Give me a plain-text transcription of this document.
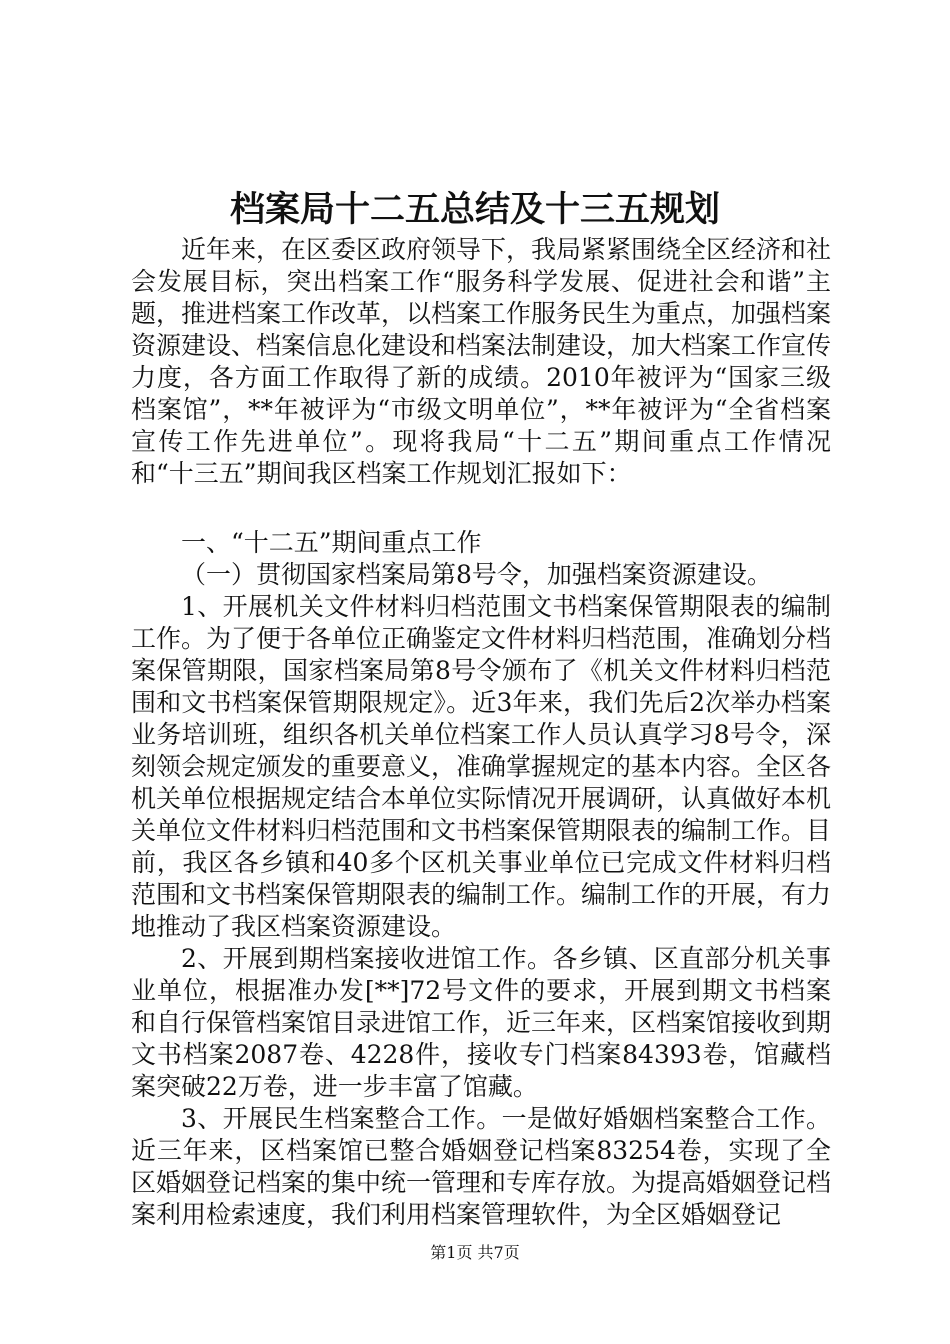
档案局十二五总结及十三五规划

近年来，在区委区政府领导下，我局紧紧围绕全区经济和社会发展目标，突出档案工作“服务科学发展、促进社会和谐”主题，推进档案工作改革，以档案工作服务民生为重点，加强档案资源建设、档案信息化建设和档案法制建设，加大档案工作宣传力度，各方面工作取得了新的成绩。2010年被评为“国家三级档案馆”，**年被评为“市级文明单位”，**年被评为“全省档案宣传工作先进单位”。现将我局“十二五”期间重点工作情况和“十三五”期间我区档案工作规划汇报如下：

一、“十二五”期间重点工作

（一）贯彻国家档案局第8号令，加强档案资源建设。

1、开展机关文件材料归档范围文书档案保管期限表的编制工作。为了便于各单位正确鉴定文件材料归档范围，准确划分档案保管期限，国家档案局第8号令颁布了《机关文件材料归档范围和文书档案保管期限规定》。近3年来，我们先后2次举办档案业务培训班，组织各机关单位档案工作人员认真学习8号令，深刻领会规定颁发的重要意义，准确掌握规定的基本内容。全区各机关单位根据规定结合本单位实际情况开展调研，认真做好本机关单位文件材料归档范围和文书档案保管期限表的编制工作。目前，我区各乡镇和40多个区机关事业单位已完成文件材料归档范围和文书档案保管期限表的编制工作。编制工作的开展，有力地推动了我区档案资源建设。

2、开展到期档案接收进馆工作。各乡镇、区直部分机关事业单位，根据准办发[**]72号文件的要求，开展到期文书档案和自行保管档案馆目录进馆工作，近三年来，区档案馆接收到期文书档案2087卷、4228件，接收专门档案84393卷，馆藏档案突破22万卷，进一步丰富了馆藏。

3、开展民生档案整合工作。一是做好婚姻档案整合工作。近三年来，区档案馆已整合婚姻登记档案83254卷，实现了全区婚姻登记档案的集中统一管理和专库存放。为提高婚姻登记档案利用检索速度，我们利用档案管理软件，为全区婚姻登记

第1页 共7页
